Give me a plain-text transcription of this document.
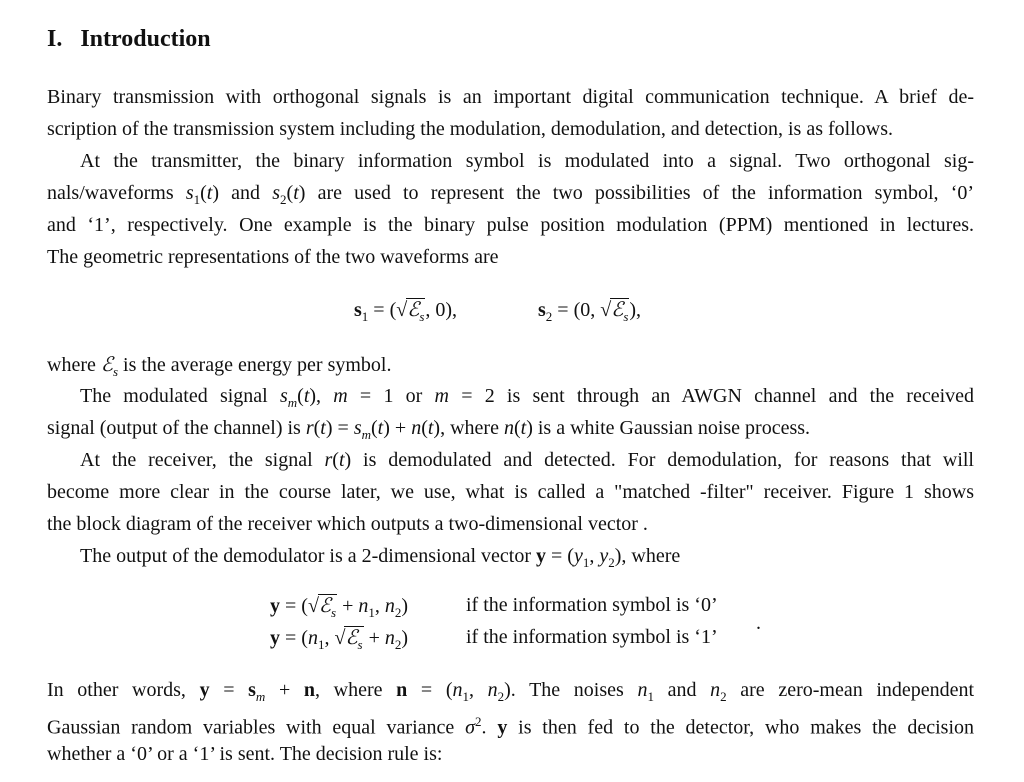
I. Introduction
Binary transmission with orthogonal signals is an important digital communication technique. A brief de-
scription of the transmission system including the modulation, demodulation, and detection, is as follows.
At the transmitter, the binary information symbol is modulated into a signal. Two orthogonal sig-
nals/waveforms $s_1(t)$ and $s_2(t)$ are used to represent the two possibilities of the information symbol, ‘0’
and ‘1’, respectively. One example is the binary pulse position modulation (PPM) mentioned in lectures.
The geometric representations of the two waveforms are
$s_1$ = (√ℰ$_s$, 0),	$s_2 = (0$, √ℰ$_s$),
where ℰ$_s$ is the average energy per symbol.
The modulated signal $s_m(t)$, m = 1 or m = 2 is sent through an AWGN channel and the received
signal (output of the channel) is $r(t) = s_m(t) + n(t)$, where n(t) is a white Gaussian noise process.
At the receiver, the signal r(t) is demodulated and detected. For demodulation, for reasons that will
become more clear in the course later, we use, what is called a "matched -filter" receiver. Figure 1 shows
the block diagram of the receiver which outputs a two-dimensional vector .
The output of the demodulator is a 2-dimensional vector $y = (y_1$, $y_2$), where
y = (√ℰ$_s$ + $n_1$, $n_2$)	if the information symbol is ‘0’
$y = (n_1$, √ℰ$_s$ + $n_2$)	if the information symbol is ‘1’
.
In other words, $y = s_m + n$, where $n = (n_1$, $n_2$). The noises $n_1$ and $n_2$ are zero-mean independent
Gaussian random variables with equal variance $\sigma^2$. y is then fed to the detector, who makes the decision
whether a ‘0’ or a ‘1’ is sent. The decision rule is:
